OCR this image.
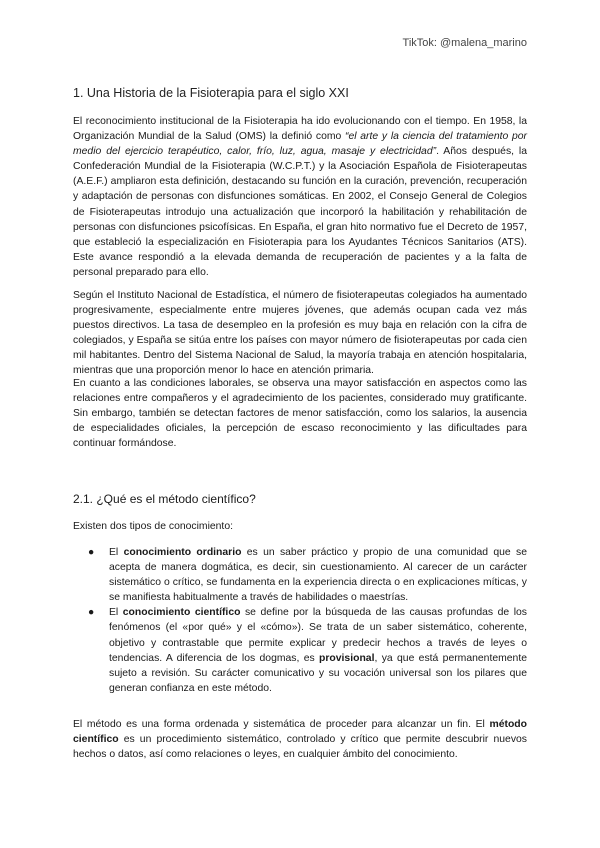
TikTok: @malena_marino
1. Una Historia de la Fisioterapia para el siglo XXI

El reconocimiento institucional de la Fisioterapia ha ido evolucionando con el tiempo. En 1958, la Organización Mundial de la Salud (OMS) la definió como “el arte y la ciencia del tratamiento por medio del ejercicio terapéutico, calor, frío, luz, agua, masaje y electricidad”. Años después, la Confederación Mundial de la Fisioterapia (W.C.P.T.) y la Asociación Española de Fisioterapeutas (A.E.F.) ampliaron esta definición, destacando su función en la curación, prevención, recuperación y adaptación de personas con disfunciones somáticas. En 2002, el Consejo General de Colegios de Fisioterapeutas introdujo una actualización que incorporó la habilitación y rehabilitación de personas con disfunciones psicofísicas. En España, el gran hito normativo fue el Decreto de 1957, que estableció la especialización en Fisioterapia para los Ayudantes Técnicos Sanitarios (ATS). Este avance respondió a la elevada demanda de recuperación de pacientes y a la falta de personal preparado para ello.

Según el Instituto Nacional de Estadística, el número de fisioterapeutas colegiados ha aumentado progresivamente, especialmente entre mujeres jóvenes, que además ocupan cada vez más puestos directivos. La tasa de desempleo en la profesión es muy baja en relación con la cifra de colegiados, y España se sitúa entre los países con mayor número de fisioterapeutas por cada cien mil habitantes. Dentro del Sistema Nacional de Salud, la mayoría trabaja en atención hospitalaria, mientras que una proporción menor lo hace en atención primaria.

En cuanto a las condiciones laborales, se observa una mayor satisfacción en aspectos como las relaciones entre compañeros y el agradecimiento de los pacientes, considerado muy gratificante. Sin embargo, también se detectan factores de menor satisfacción, como los salarios, la ausencia de especialidades oficiales, la percepción de escaso reconocimiento y las dificultades para continuar formándose.

2.1. ¿Qué es el método científico?

Existen dos tipos de conocimiento:

● El conocimiento ordinario es un saber práctico y propio de una comunidad que se acepta de manera dogmática, es decir, sin cuestionamiento. Al carecer de un carácter sistemático o crítico, se fundamenta en la experiencia directa o en explicaciones míticas, y se manifiesta habitualmente a través de habilidades o maestrías.
● El conocimiento científico se define por la búsqueda de las causas profundas de los fenómenos (el «por qué» y el «cómo»). Se trata de un saber sistemático, coherente, objetivo y contrastable que permite explicar y predecir hechos a través de leyes o tendencias. A diferencia de los dogmas, es provisional, ya que está permanentemente sujeto a revisión. Su carácter comunicativo y su vocación universal son los pilares que generan confianza en este método.

El método es una forma ordenada y sistemática de proceder para alcanzar un fin. El método científico es un procedimiento sistemático, controlado y crítico que permite descubrir nuevos hechos o datos, así como relaciones o leyes, en cualquier ámbito del conocimiento.
